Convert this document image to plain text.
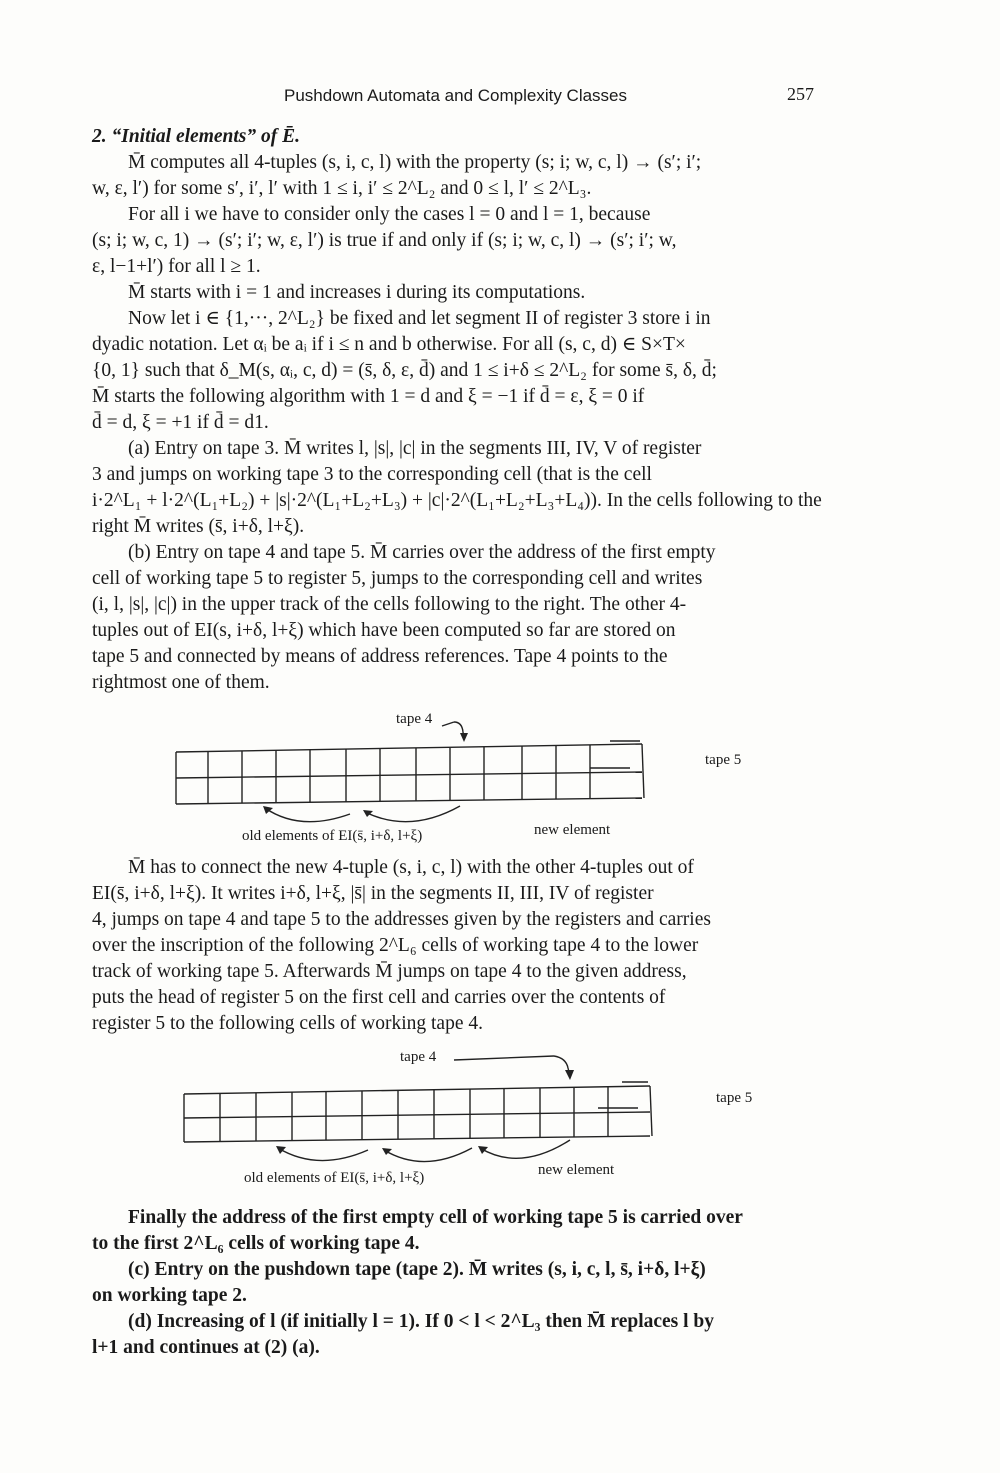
Pushdown Automata and Complexity Classes	257
2. “Initial elements” of Ē.
M̄ computes all 4-tuples (s, i, c, l) with the property (s; i; w, c, l) → (s′; i′;
w, ε, l′) for some s′, i′, l′ with 1 ≤ i, i′ ≤ 2^L₂ and 0 ≤ l, l′ ≤ 2^L₃.
For all i we have to consider only the cases l = 0 and l = 1, because
(s; i; w, c, 1) → (s′; i′; w, ε, l′) is true if and only if (s; i; w, c, l) → (s′; i′; w,
ε, l−1+l′) for all l ≥ 1.
M̄ starts with i = 1 and increases i during its computations.
Now let i ∈ {1,···, 2^L₂} be fixed and let segment II of register 3 store i in
dyadic notation. Let αᵢ be aᵢ if i ≤ n and b otherwise. For all (s, c, d) ∈ S×T×
{0, 1} such that δ_M(s, αᵢ, c, d) = (s̄, δ, ε, d̄) and 1 ≤ i+δ ≤ 2^L₂ for some s̄, δ, d̄;
M̄ starts the following algorithm with 1 = d and ξ = −1 if d̄ = ε, ξ = 0 if
d̄ = d, ξ = +1 if d̄ = d1.
(a) Entry on tape 3. M̄ writes l, |s|, |c| in the segments III, IV, V of register
3 and jumps on working tape 3 to the corresponding cell (that is the cell
i·2^L₁ + l·2^(L₁+L₂) + |s|·2^(L₁+L₂+L₃) + |c|·2^(L₁+L₂+L₃+L₄)). In the cells following to the
right M̄ writes (s̄, i+δ, l+ξ).
(b) Entry on tape 4 and tape 5. M̄ carries over the address of the first empty
cell of working tape 5 to register 5, jumps to the corresponding cell and writes
(i, l, |s|, |c|) in the upper track of the cells following to the right. The other 4-
tuples out of EI(s, i+δ, l+ξ) which have been computed so far are stored on
tape 5 and connected by means of address references. Tape 4 points to the
rightmost one of them.
tape 4
tape 5
old elements of EI(s̄, i+δ, l+ξ)	new element
M̄ has to connect the new 4-tuple (s, i, c, l) with the other 4-tuples out of
EI(s̄, i+δ, l+ξ). It writes i+δ, l+ξ, |s̄| in the segments II, III, IV of register
4, jumps on tape 4 and tape 5 to the addresses given by the registers and carries
over the inscription of the following 2^L₆ cells of working tape 4 to the lower
track of working tape 5. Afterwards M̄ jumps on tape 4 to the given address,
puts the head of register 5 on the first cell and carries over the contents of
register 5 to the following cells of working tape 4.
tape 4
tape 5
old elements of EI(s̄, i+δ, l+ξ)	new element
Finally the address of the first empty cell of working tape 5 is carried over
to the first 2^L₆ cells of working tape 4.
(c) Entry on the pushdown tape (tape 2). M̄ writes (s, i, c, l, s̄, i+δ, l+ξ)
on working tape 2.
(d) Increasing of l (if initially l = 1). If 0 < l < 2^L₃ then M̄ replaces l by
l+1 and continues at (2) (a).
